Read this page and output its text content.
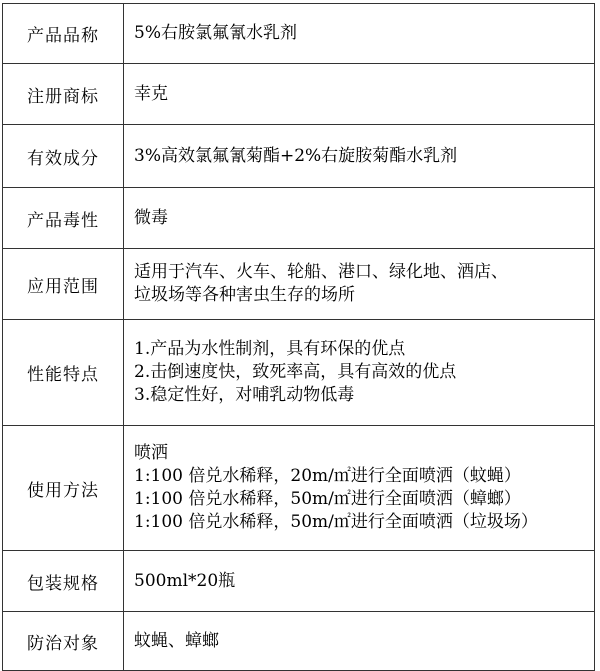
产品品称	5%右胺氯氟氰水乳剂

注册商标	幸克

有效成分	3%高效氯氟氰菊酯+2%右旋胺菊酯水乳剂

产品毒性	微毒

应用范围	适用于汽车、火车、轮船、港口、绿化地、酒店、
垃圾场等各种害虫生存的场所

性能特点	1.产品为水性制剂，具有环保的优点
2.击倒速度快，致死率高，具有高效的优点
3.稳定性好，对哺乳动物低毒

使用方法	喷洒
1:100 倍兑水稀释，20m/㎡进行全面喷洒（蚊蝇）
1:100 倍兑水稀释，50m/㎡进行全面喷洒（蟑螂）
1:100 倍兑水稀释，50m/㎡进行全面喷洒（垃圾场）

包装规格	500ml*20瓶

防治对象	蚊蝇、蟑螂
